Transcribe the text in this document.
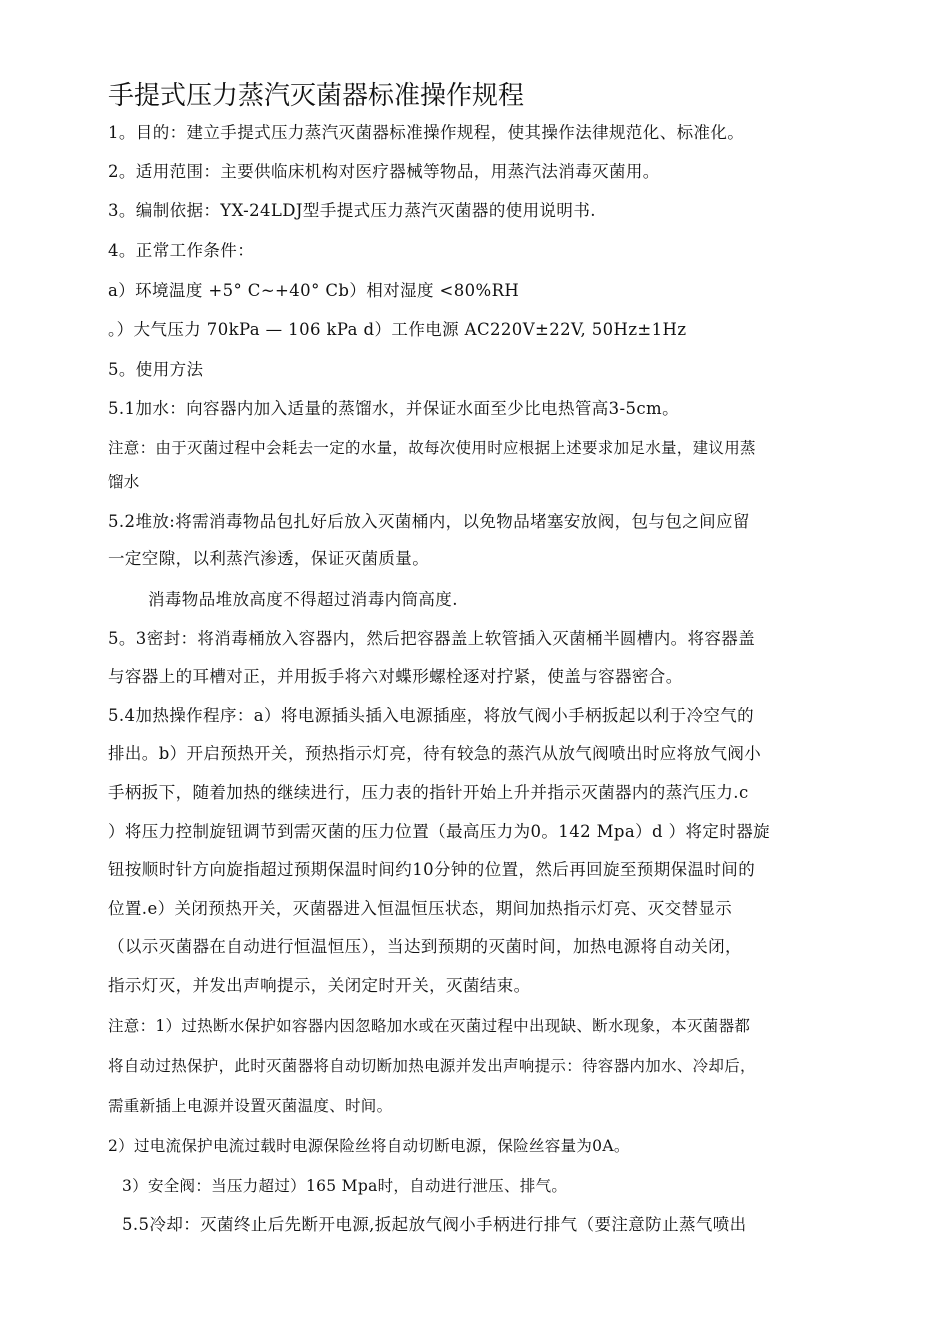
手提式压力蒸汽灭菌器标准操作规程
1。目的：建立手提式压力蒸汽灭菌器标准操作规程，使其操作法律规范化、标准化。
2。适用范围：主要供临床机构对医疗器械等物品，用蒸汽法消毒灭菌用。
3。编制依据：YX-24LDJ型手提式压力蒸汽灭菌器的使用说明书.
4。正常工作条件：
a）环境温度 +5° C~+40° Cb）相对湿度 <80%RH
。）大气压力 70kPa — 106 kPa d）工作电源 AC220V±22V, 50Hz±1Hz
5。使用方法
5.1加水：向容器内加入适量的蒸馏水，并保证水面至少比电热管高3-5cm。
注意：由于灭菌过程中会耗去一定的水量，故每次使用时应根据上述要求加足水量，建议用蒸
馏水
5.2堆放:将需消毒物品包扎好后放入灭菌桶内，以免物品堵塞安放阀，包与包之间应留
一定空隙，以利蒸汽渗透，保证灭菌质量。
消毒物品堆放高度不得超过消毒内筒高度.
5。3密封：将消毒桶放入容器内，然后把容器盖上软管插入灭菌桶半圆槽内。将容器盖
与容器上的耳槽对正，并用扳手将六对蝶形螺栓逐对拧紧，使盖与容器密合。
5.4加热操作程序：a）将电源插头插入电源插座，将放气阀小手柄扳起以利于冷空气的
排出。b）开启预热开关，预热指示灯亮，待有较急的蒸汽从放气阀喷出时应将放气阀小
手柄扳下，随着加热的继续进行，压力表的指针开始上升并指示灭菌器内的蒸汽压力.c
）将压力控制旋钮调节到需灭菌的压力位置（最高压力为0。142 Mpa）d ）将定时器旋
钮按顺时针方向旋指超过预期保温时间约10分钟的位置，然后再回旋至预期保温时间的
位置.e）关闭预热开关，灭菌器进入恒温恒压状态，期间加热指示灯亮、灭交替显示
（以示灭菌器在自动进行恒温恒压），当达到预期的灭菌时间，加热电源将自动关闭，
指示灯灭，并发出声响提示，关闭定时开关，灭菌结束。
注意：1）过热断水保护如容器内因忽略加水或在灭菌过程中出现缺、断水现象，本灭菌器都
将自动过热保护，此时灭菌器将自动切断加热电源并发出声响提示：待容器内加水、冷却后，
需重新插上电源并设置灭菌温度、时间。
2）过电流保护电流过载时电源保险丝将自动切断电源，保险丝容量为0A。
3）安全阀：当压力超过）165 Mpa时，自动进行泄压、排气。
5.5冷却：灭菌终止后先断开电源,扳起放气阀小手柄进行排气（要注意防止蒸气喷出
